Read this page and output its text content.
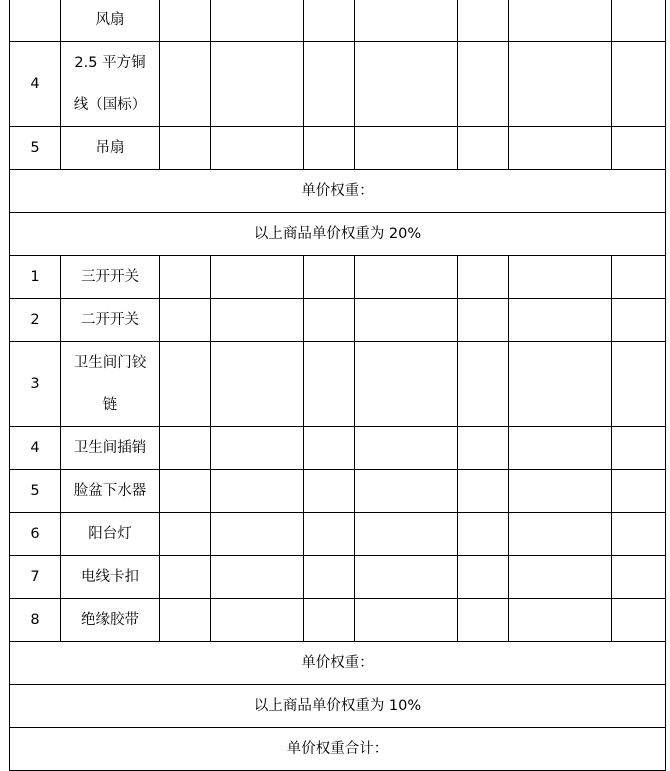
	风扇							
4	2.5 平方铜线（国标）							
5	吊扇							
单价权重：								
以上商品单价权重为 20%								
1	三开开关							
2	二开开关							
3	卫生间门铰链							
4	卫生间插销							
5	脸盆下水器							
6	阳台灯							
7	电线卡扣							
8	绝缘胶带							
单价权重：								
以上商品单价权重为 10%								
单价权重合计：								
